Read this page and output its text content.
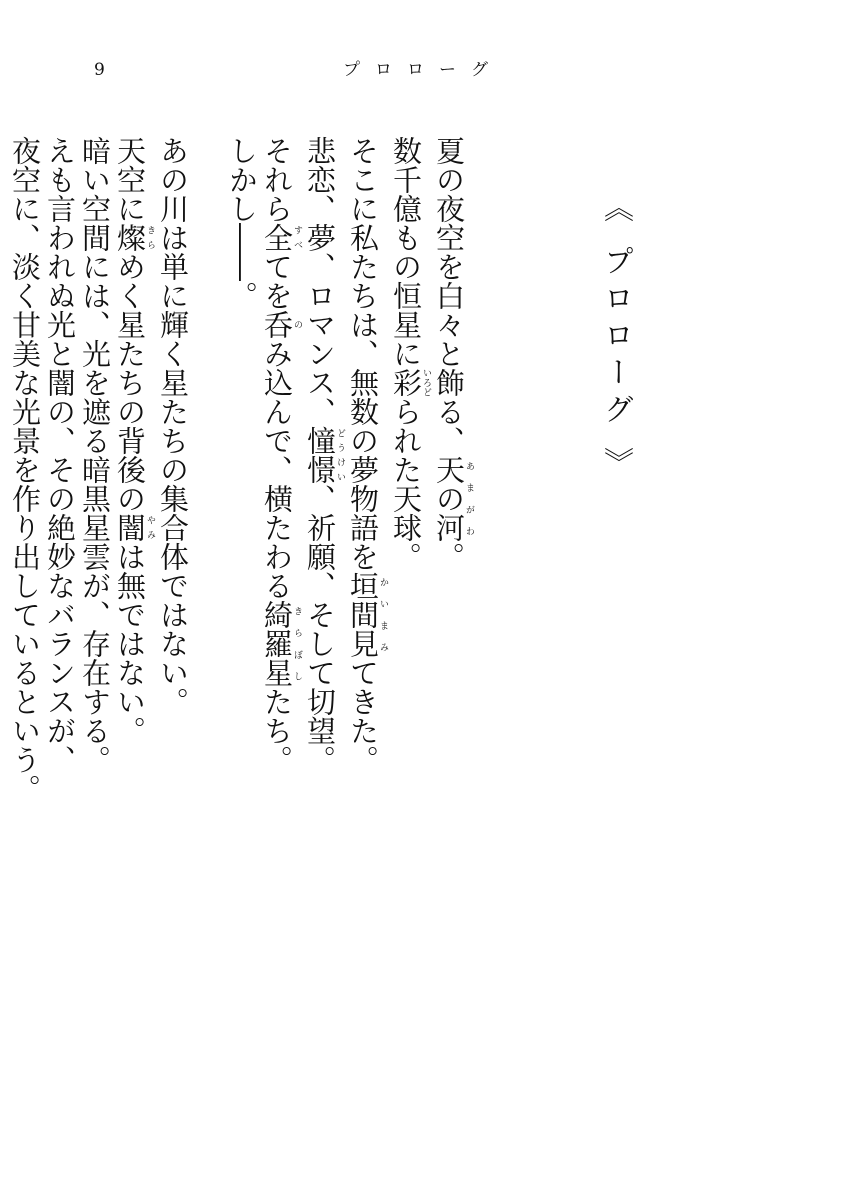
9	プロローグ
《 プロローグ 》

夏の夜空を白々と飾る、天の河あまがわ。

数千億もの恒星に彩いろどられた天球。

そこに私たちは、無数の夢物語を垣間見かいまみてきた。

悲恋、夢、ロマンス、憧憬どうけい、祈願、そして切望。

それら全すべてを呑のみ込んで、横たわる綺羅星きらぼしたち。

しかし――。

あの川は単に輝く星たちの集合体ではない。

天空に燦きらめく星たちの背後の闇やみは無ではない。

暗い空間には、光を遮る暗黒星雲が、存在する。

えも言われぬ光と闇の、その絶妙なバランスが、

夜空に、淡く甘美な光景を作り出しているという。
